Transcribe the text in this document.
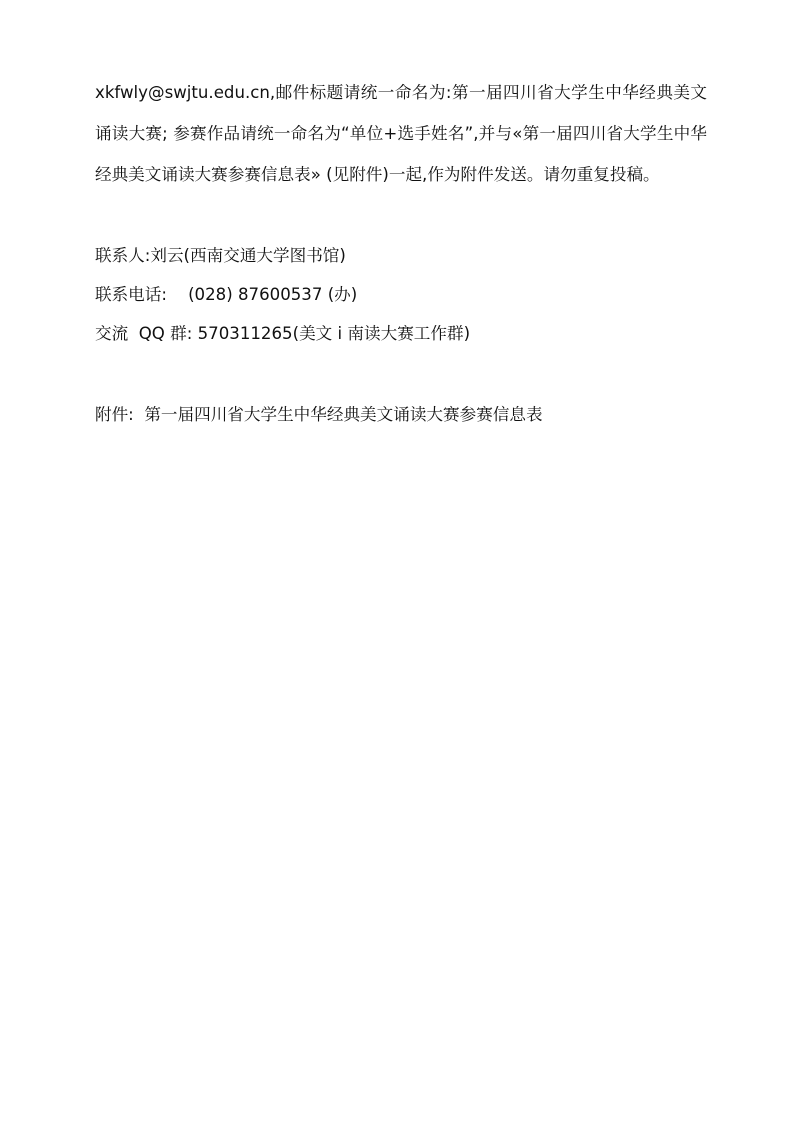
xkfwly@swjtu.edu.cn,邮件标题请统一命名为:第一届四川省大学生中华经典美文诵读大赛; 参赛作品请统一命名为“单位+选手姓名”,并与«第一届四川省大学生中华经典美文诵读大赛参赛信息表» (见附件)一起,作为附件发送。请勿重复投稿。

联系人:刘云(西南交通大学图书馆)

联系电话:    (028) 87600537 (办)

交流  QQ 群: 570311265(美文 i 南读大赛工作群)

附件:  第一届四川省大学生中华经典美文诵读大赛参赛信息表
